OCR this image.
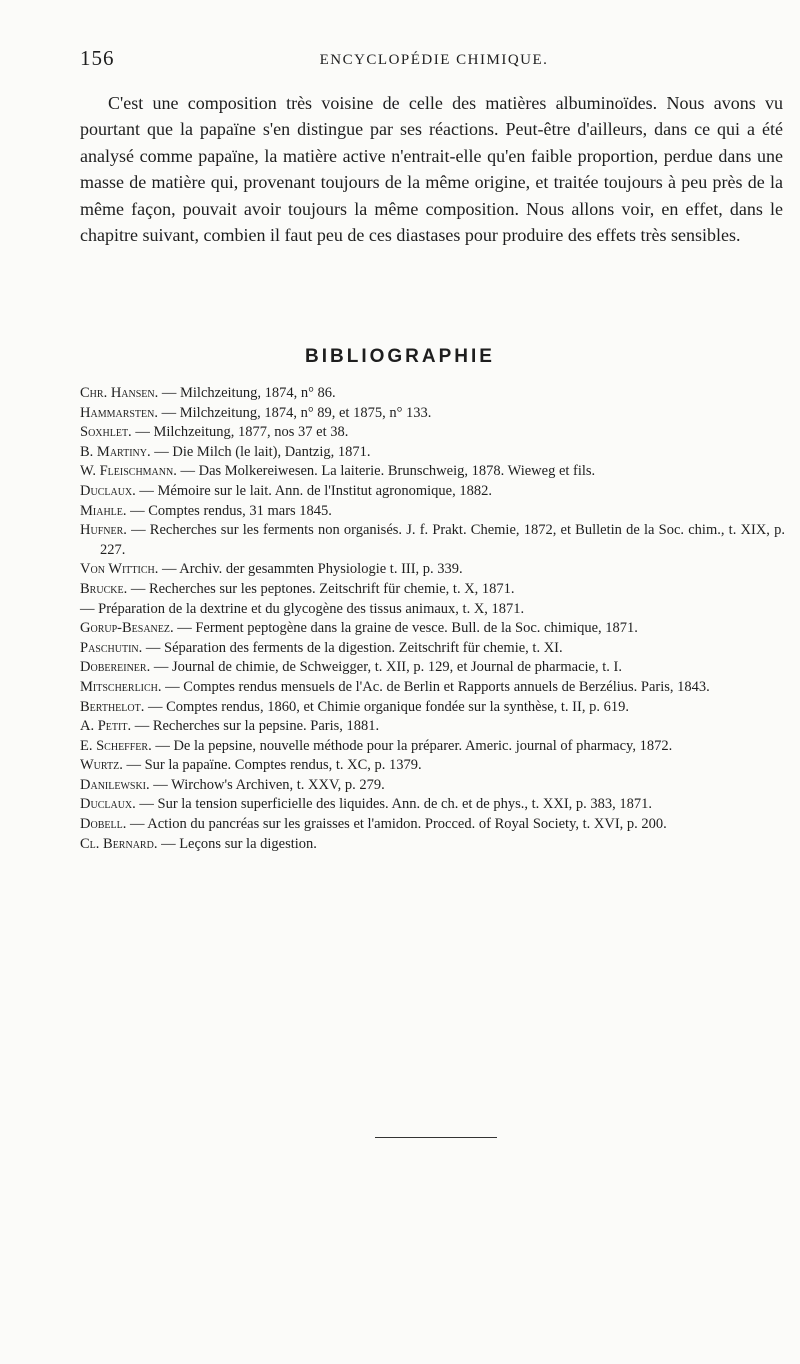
156	ENCYCLOPÉDIE CHIMIQUE.

C'est une composition très voisine de celle des matières albuminoïdes. Nous avons vu pourtant que la papaïne s'en distingue par ses réactions. Peut-être d'ailleurs, dans ce qui a été analysé comme papaïne, la matière active n'entrait-elle qu'en faible proportion, perdue dans une masse de matière qui, provenant toujours de la même origine, et traitée toujours à peu près de la même façon, pouvait avoir toujours la même composition. Nous allons voir, en effet, dans le chapitre suivant, combien il faut peu de ces diastases pour produire des effets très sensibles.

BIBLIOGRAPHIE
Chr. Hansen. — Milchzeitung, 1874, n° 86.
Hammarsten. — Milchzeitung, 1874, n° 89, et 1875, n° 133.
Soxhlet. — Milchzeitung, 1877, nos 37 et 38.
B. Martiny. — Die Milch (le lait), Dantzig, 1871.
W. Fleischmann. — Das Molkereiwesen. La laiterie. Brunschweig, 1878. Wieweg et fils.
Duclaux. — Mémoire sur le lait. Ann. de l'Institut agronomique, 1882.
Miahle. — Comptes rendus, 31 mars 1845.
Hufner. — Recherches sur les ferments non organisés. J. f. Prakt. Chemie, 1872, et Bulletin de la Soc. chim., t. XIX, p. 227.
Von Wittich. — Archiv. der gesammten Physiologie t. III, p. 339.
Brucke. — Recherches sur les peptones. Zeitschrift für chemie, t. X, 1871.
— Préparation de la dextrine et du glycogène des tissus animaux, t. X, 1871.
Gorup-Besanez. — Ferment peptogène dans la graine de vesce. Bull. de la Soc. chimique, 1871.
Paschutin. — Séparation des ferments de la digestion. Zeitschrift für chemie, t. XI.
Dobereiner. — Journal de chimie, de Schweigger, t. XII, p. 129, et Journal de pharmacie, t. I.
Mitscherlich. — Comptes rendus mensuels de l'Ac. de Berlin et Rapports annuels de Berzélius. Paris, 1843.
Berthelot. — Comptes rendus, 1860, et Chimie organique fondée sur la synthèse, t. II, p. 619.
A. Petit. — Recherches sur la pepsine. Paris, 1881.
E. Scheffer. — De la pepsine, nouvelle méthode pour la préparer. Americ. journal of pharmacy, 1872.
Wurtz. — Sur la papaïne. Comptes rendus, t. XC, p. 1379.
Danilewski. — Wirchow's Archiven, t. XXV, p. 279.
Duclaux. — Sur la tension superficielle des liquides. Ann. de ch. et de phys., t. XXI, p. 383, 1871.
Dobell. — Action du pancréas sur les graisses et l'amidon. Procced. of Royal Society, t. XVI, p. 200.
Cl. Bernard. — Leçons sur la digestion.
